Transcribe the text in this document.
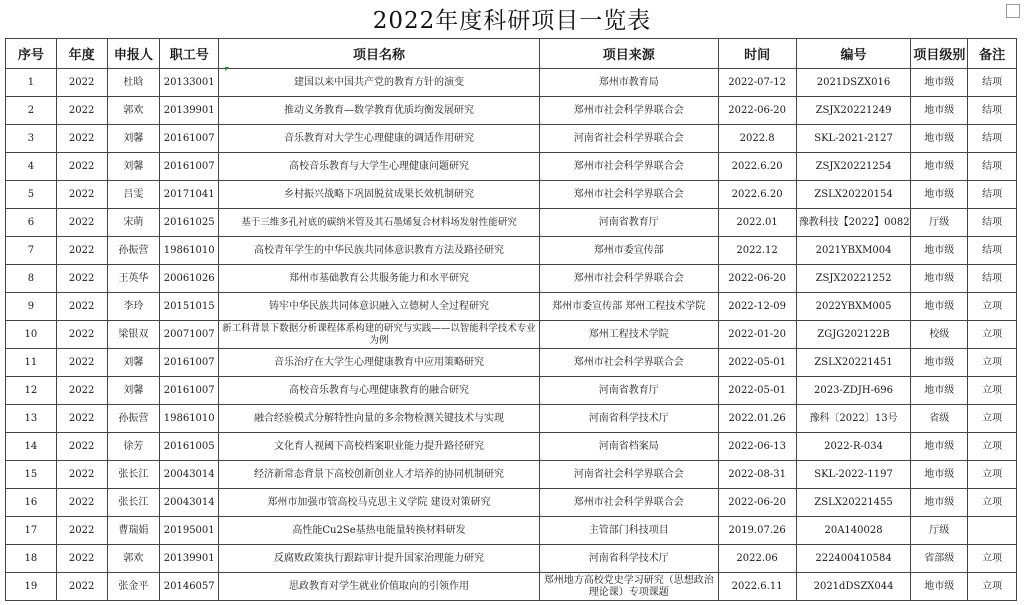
2022年度科研项目一览表
序号	年度	申报人	职工号	项目名称	项目来源	时间	编号	项目级别	备注
1	2022	杜晗	20133001	建国以来中国共产党的教育方针的演变	郑州市教育局	2022-07-12	2021DSZX016	地市级	结项
2	2022	郭欢	20139901	推动义务教育—数学教育优质均衡发展研究	郑州市社会科学界联合会	2022-06-20	ZSJX20221249	地市级	结项
3	2022	刘馨	20161007	音乐教育对大学生心理健康的调适作用研究	河南省社会科学界联合会	2022.8	SKL-2021-2127	地市级	结项
4	2022	刘馨	20161007	高校音乐教育与大学生心理健康问题研究	郑州市社会科学界联合会	2022.6.20	ZSJX20221254	地市级	结项
5	2022	吕雯	20171041	乡村振兴战略下巩固脱贫成果长效机制研究	郑州市社会科学界联合会	2022.6.20	ZSLX20220154	地市级	结项
6	2022	宋萌	20161025	基于三维多孔衬底的碳纳米管及其石墨烯复合材料场发射性能研究	河南省教育厅	2022.01	豫教科技【2022】0082	厅级	结项
7	2022	孙振营	19861010	高校青年学生的中华民族共同体意识教育方法及路径研究	郑州市委宣传部	2022.12	2021YBXM004	地市级	结项
8	2022	王英华	20061026	郑州市基础教育公共服务能力和水平研究	郑州市社会科学界联合会	2022-06-20	ZSJX20221252	地市级	结项
9	2022	李玲	20151015	铸牢中华民族共同体意识融入立德树人全过程研究	郑州市委宣传部 郑州工程技术学院	2022-12-09	2022YBXM005	地市级	立项
10	2022	梁银双	20071007	新工科背景下数据分析课程体系构建的研究与实践——以智能科学技术专业为例	郑州工程技术学院	2022-01-20	ZGJG202122B	校级	立项
11	2022	刘馨	20161007	音乐治疗在大学生心理健康教育中应用策略研究	郑州市社会科学界联合会	2022-05-01	ZSLX20221451	地市级	立项
12	2022	刘馨	20161007	高校音乐教育与心理健康教育的融合研究	河南省教育厅	2022-05-01	2023-ZDJH-696	地市级	立项
13	2022	孙振营	19861010	融合经验模式分解特性向量的多余物检测关键技术与实现	河南省科学技术厅	2022.01.26	豫科〔2022〕13号	省级	立项
14	2022	徐芳	20161005	文化育人视阈下高校档案职业能力提升路径研究	河南省档案局	2022-06-13	2022-R-034	地市级	立项
15	2022	张长江	20043014	经济新常态背景下高校创新创业人才培养的协同机制研究	河南省社会科学界联合会	2022-08-31	SKL-2022-1197	地市级	立项
16	2022	张长江	20043014	郑州市加强市管高校马克思主义学院 建设对策研究	郑州市社会科学界联合会	2022-06-20	ZSLX20221455	地市级	立项
17	2022	曹瑞娟	20195001	高性能Cu2Se基热电能量转换材料研发	主管部门科技项目	2019.07.26	20A140028	厅级	
18	2022	郭欢	20139901	反腐败政策执行跟踪审计提升国家治理能力研究	河南省科学技术厅	2022.06	222400410584	省部级	立项
19	2022	张金平	20146057	思政教育对学生就业价值取向的引领作用	郑州地方高校党史学习研究（思想政治理论课）专项课题	2022.6.11	2021dDSZX044	地市级	立项
